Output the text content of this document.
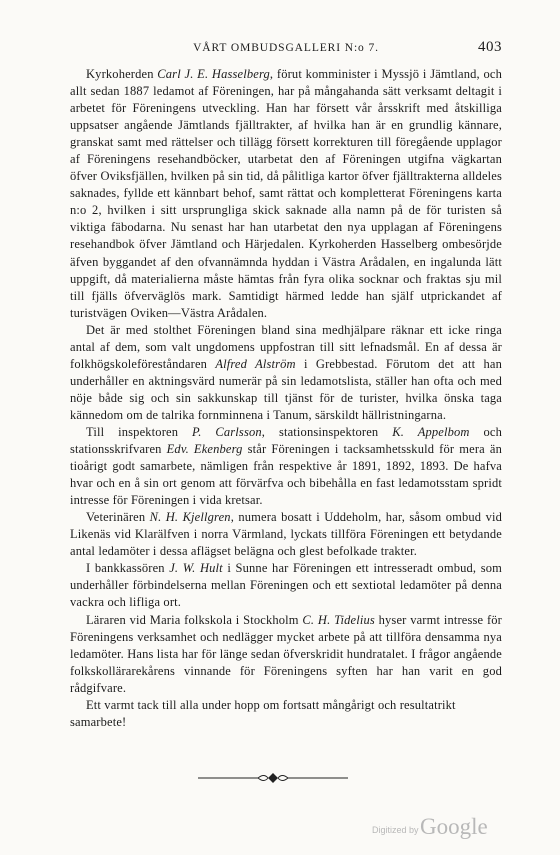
VÅRT OMBUDSGALLERI N:o 7.	403

Kyrkoherden Carl J. E. Hasselberg, förut komminister i Myssjö i Jämtland, och allt sedan 1887 ledamot af Föreningen, har på mångahanda sätt verksamt deltagit i arbetet för Föreningens utveckling. Han har försett vår årsskrift med åtskilliga uppsatser angående Jämtlands fjälltrakter, af hvilka han är en grundlig kännare, granskat samt med rättelser och tillägg försett korrekturen till föregående upplagor af Föreningens resehandböcker, utarbetat den af Föreningen utgifna vägkartan öfver Oviksfjällen, hvilken på sin tid, då pålitliga kartor öfver fjälltrakterna alldeles saknades, fyllde ett kännbart behof, samt rättat och kompletterat Föreningens karta n:o 2, hvilken i sitt ursprungliga skick saknade alla namn på de för turisten så viktiga fäbodarna. Nu senast har han utarbetat den nya upplagan af Föreningens resehandbok öfver Jämtland och Härjedalen. Kyrkoherden Hasselberg ombesörjde äfven byggandet af den ofvannämnda hyddan i Västra Arådalen, en ingalunda lätt uppgift, då materialierna måste hämtas från fyra olika socknar och fraktas sju mil till fjälls öfverväglös mark. Samtidigt härmed ledde han själf utprickandet af turistvägen Oviken—Västra Arådalen.

Det är med stolthet Föreningen bland sina medhjälpare räknar ett icke ringa antal af dem, som valt ungdomens uppfostran till sitt lefnadsmål. En af dessa är folkhögskoleföreståndaren Alfred Alström i Grebbestad. Förutom det att han underhåller en aktningsvärd numerär på sin ledamotslista, ställer han ofta och med nöje både sig och sin sakkunskap till tjänst för de turister, hvilka önska taga kännedom om de talrika fornminnena i Tanum, särskildt hällristningarna.

Till inspektoren P. Carlsson, stationsinspektoren K. Appelbom och stationsskrifvaren Edv. Ekenberg står Föreningen i tacksamhetsskuld för mera än tioårigt godt samarbete, nämligen från respektive år 1891, 1892, 1893. De hafva hvar och en å sin ort genom att förvärfva och bibehålla en fast ledamotsstam spridt intresse för Föreningen i vida kretsar.

Veterinären N. H. Kjellgren, numera bosatt i Uddeholm, har, såsom ombud vid Likenäs vid Klarälfven i norra Värmland, lyckats tillföra Föreningen ett betydande antal ledamöter i dessa aflägset belägna och glest befolkade trakter.

I bankkassören J. W. Hult i Sunne har Föreningen ett intresseradt ombud, som underhåller förbindelserna mellan Föreningen och ett sextiotal ledamöter på denna vackra och lifliga ort.

Läraren vid Maria folkskola i Stockholm C. H. Tidelius hyser varmt intresse för Föreningens verksamhet och nedlägger mycket arbete på att tillföra densamma nya ledamöter. Hans lista har för länge sedan öfverskridit hundratalet. I frågor angående folkskollärarekårens vinnande för Föreningens syften har han varit en god rådgifvare.

Ett varmt tack till alla under hopp om fortsatt mångårigt och resultatrikt samarbete!

Digitized by Google
